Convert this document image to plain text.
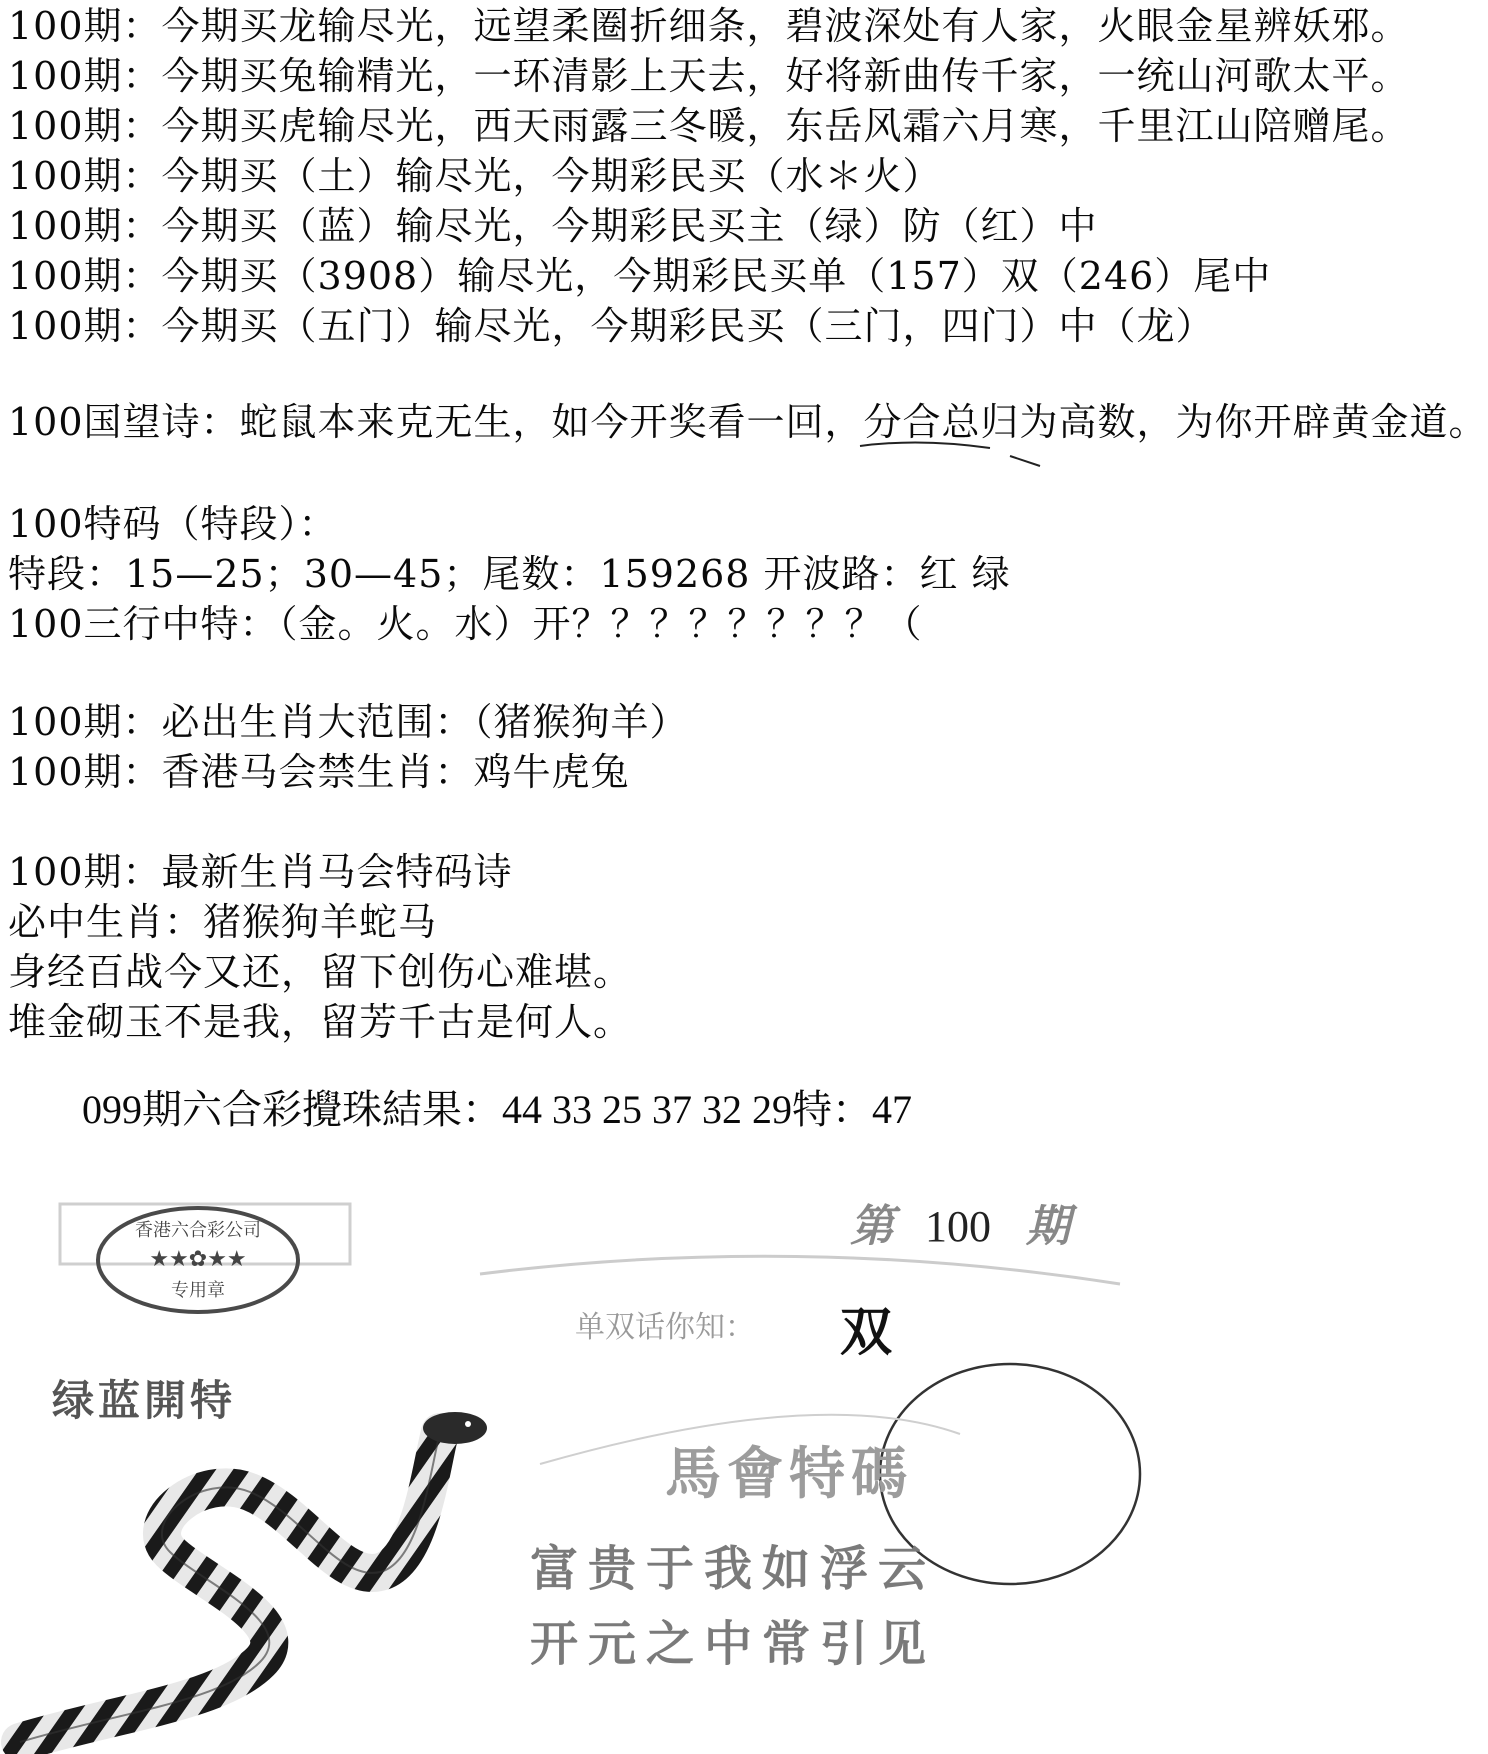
100期：今期买龙输尽光，远望柔圈折细条，碧波深处有人家，火眼金星辨妖邪。

100期：今期买兔输精光，一环清影上天去，好将新曲传千家，一统山河歌太平。

100期：今期买虎输尽光，西天雨露三冬暖，东岳风霜六月寒，千里江山陪赠尾。

100期：今期买（土）输尽光，今期彩民买（水＊火）

100期：今期买（蓝）输尽光，今期彩民买主（绿）防（红）中

100期：今期买（3908）输尽光，今期彩民买单（157）双（246）尾中

100期：今期买（五门）输尽光，今期彩民买（三门，四门）中（龙）

100国望诗：蛇鼠本来克无生，如今开奖看一回，分合总归为高数，为你开辟黄金道。

100特码（特段）：

特段：15—25；30—45；尾数：159268 开波路：红 绿

100三行中特：（金。火。水）开？？？？？？？？（

100期：必出生肖大范围：（猪猴狗羊）

100期：香港马会禁生肖：鸡牛虎兔

100期：最新生肖马会特码诗

必中生肖：猪猴狗羊蛇马

身经百战今又还，留下创伤心难堪。

堆金砌玉不是我，留芳千古是何人。

099期六合彩攪珠結果：44 33 25 37 32 29特：47
香港六合彩公司
★★✿★★
专用章
第 100 期
绿蓝開特
单双话你知： 双
馬會特碼
富贵于我如浮云
开元之中常引见
